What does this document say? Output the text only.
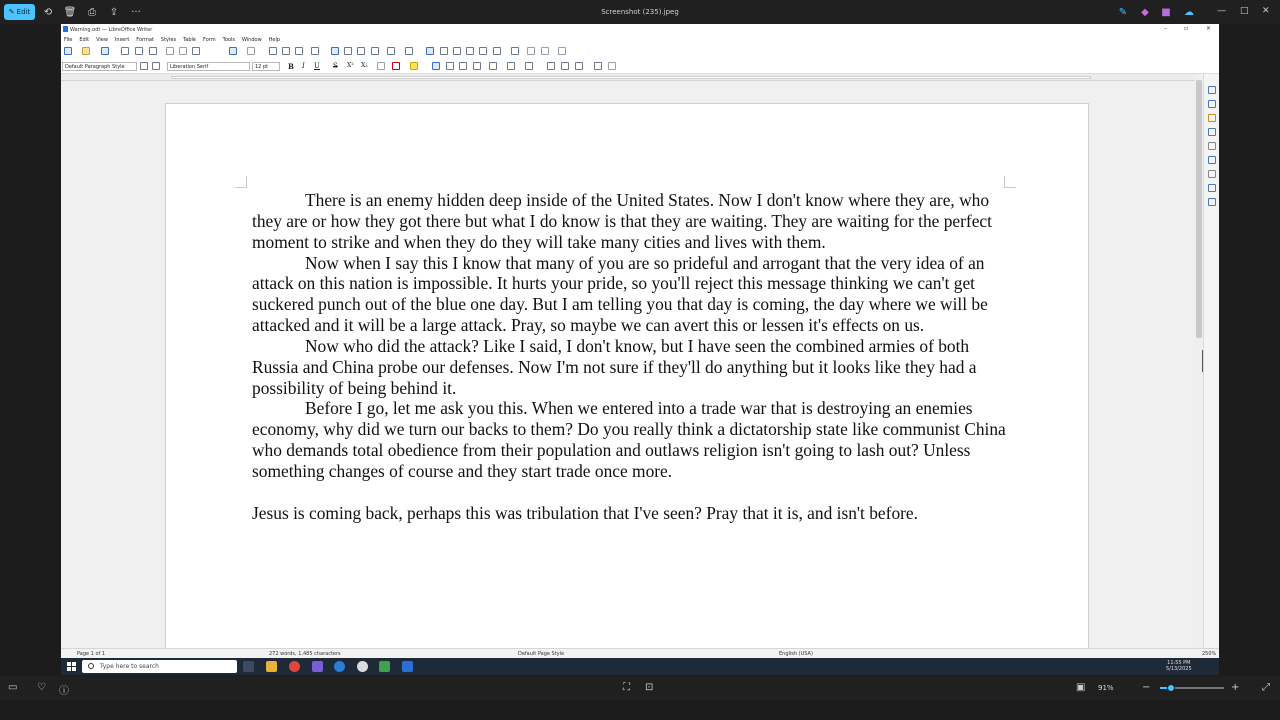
✎ Edit ⟲ 🗑 ⎙ ⇪ ···	Screenshot (235).jpeg	✎ ◆ ■ ☁	— □ ✕
Warning.odt — LibreOffice Writer	–	▫	✕
File Edit View Insert Format Styles Table Form Tools Window Help
B I U S X² X₂
Default Paragraph Style	Liberation Serif	12 pt

There is an enemy hidden deep inside of the United States. Now I don't know where they are, who they are or how they got there but what I do know is that they are waiting. They are waiting for the perfect moment to strike and when they do they will take many cities and lives with them.

Now when I say this I know that many of you are so prideful and arrogant that the very idea of an attack on this nation is impossible. It hurts your pride, so you'll reject this message thinking we can't get suckered punch out of the blue one day. But I am telling you that day is coming, the day where we will be attacked and it will be a large attack. Pray, so maybe we can avert this or lessen it's effects on us.

Now who did the attack? Like I said, I don't know, but I have seen the combined armies of both Russia and China probe our defenses. Now I'm not sure if they'll do anything but it looks like they had a possibility of being behind it.

Before I go, let me ask you this. When we entered into a trade war that is destroying an enemies economy, why did we turn our backs to them? Do you really think a dictatorship state like communist China who demands total obedience from their population and outlaws religion isn't going to lash out? Unless something changes of course and they start trade once more.

Jesus is coming back, perhaps this was tribulation that I've seen? Pray that it is, and isn't before.

Page 1 of 1	272 words, 1,485 characters	Default Page Style	English (USA)	250%
Type here to search	11:55 PM
5/13/2025
▭ ♡ ⓘ	⛶ ⊡	▣ 91%	−	+ ⤢
